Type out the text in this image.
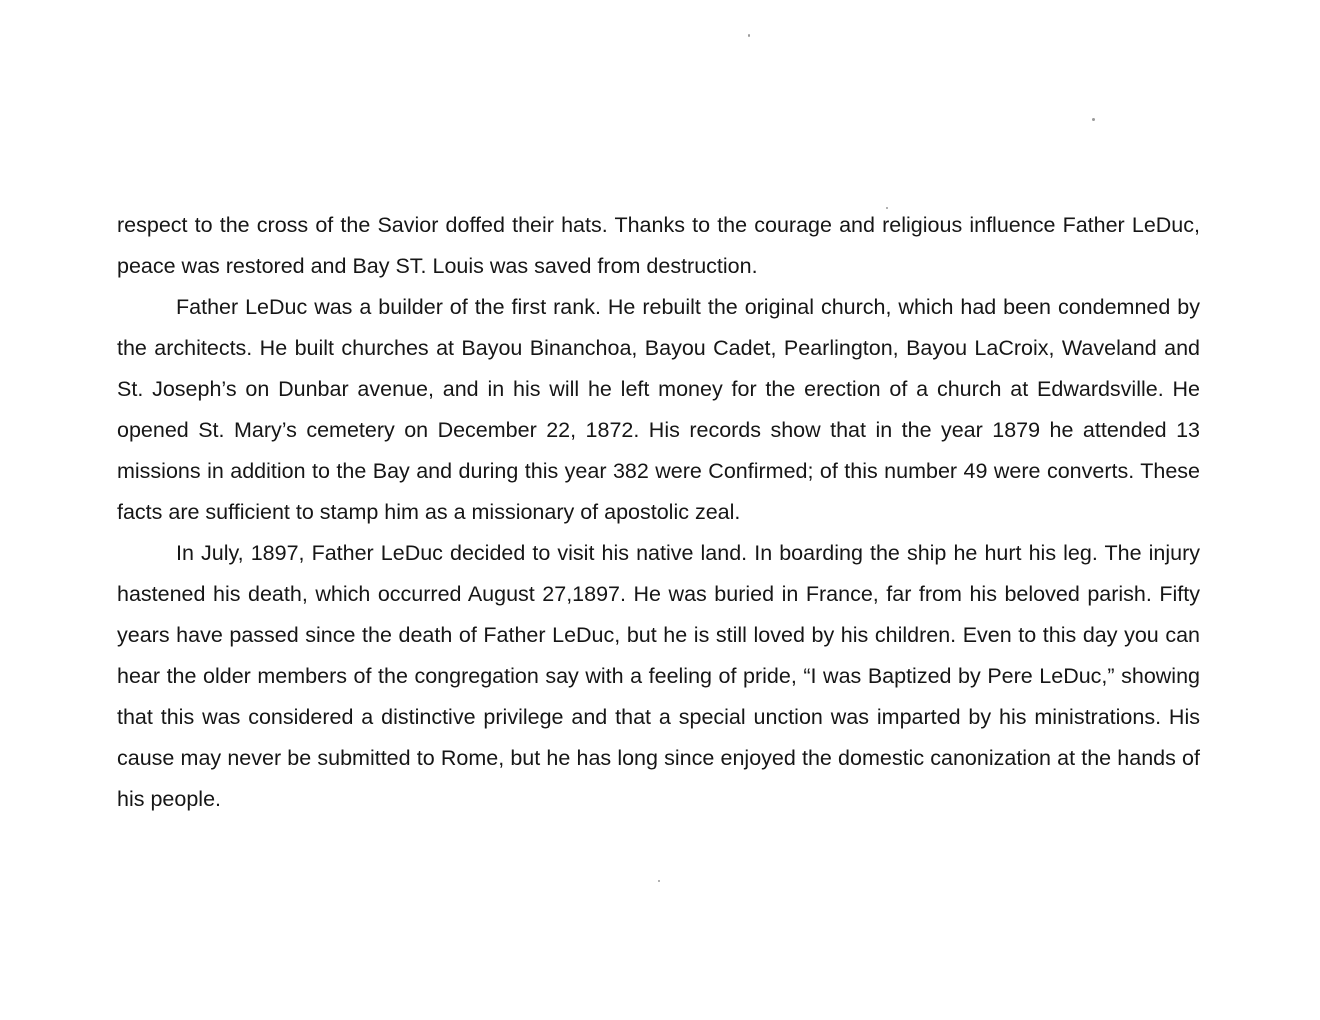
respect to the cross of the Savior doffed their hats. Thanks to the courage and religious influence Father LeDuc, peace was restored and Bay ST. Louis was saved from destruction.

Father LeDuc was a builder of the first rank. He rebuilt the original church, which had been condemned by the architects. He built churches at Bayou Binanchoa, Bayou Cadet, Pearlington, Bayou LaCroix, Waveland and St. Joseph’s on Dunbar avenue, and in his will he left money for the erection of a church at Edwardsville. He opened St. Mary’s cemetery on December 22, 1872. His records show that in the year 1879 he attended 13 missions in addition to the Bay and during this year 382 were Confirmed; of this number 49 were converts. These facts are sufficient to stamp him as a missionary of apostolic zeal.

In July, 1897, Father LeDuc decided to visit his native land. In boarding the ship he hurt his leg. The injury hastened his death, which occurred August 27,1897. He was buried in France, far from his beloved parish. Fifty years have passed since the death of Father LeDuc, but he is still loved by his children. Even to this day you can hear the older members of the congregation say with a feeling of pride, “I was Baptized by Pere LeDuc,” showing that this was considered a distinctive privilege and that a special unction was imparted by his ministrations. His cause may never be submitted to Rome, but he has long since enjoyed the domestic canonization at the hands of his people.
